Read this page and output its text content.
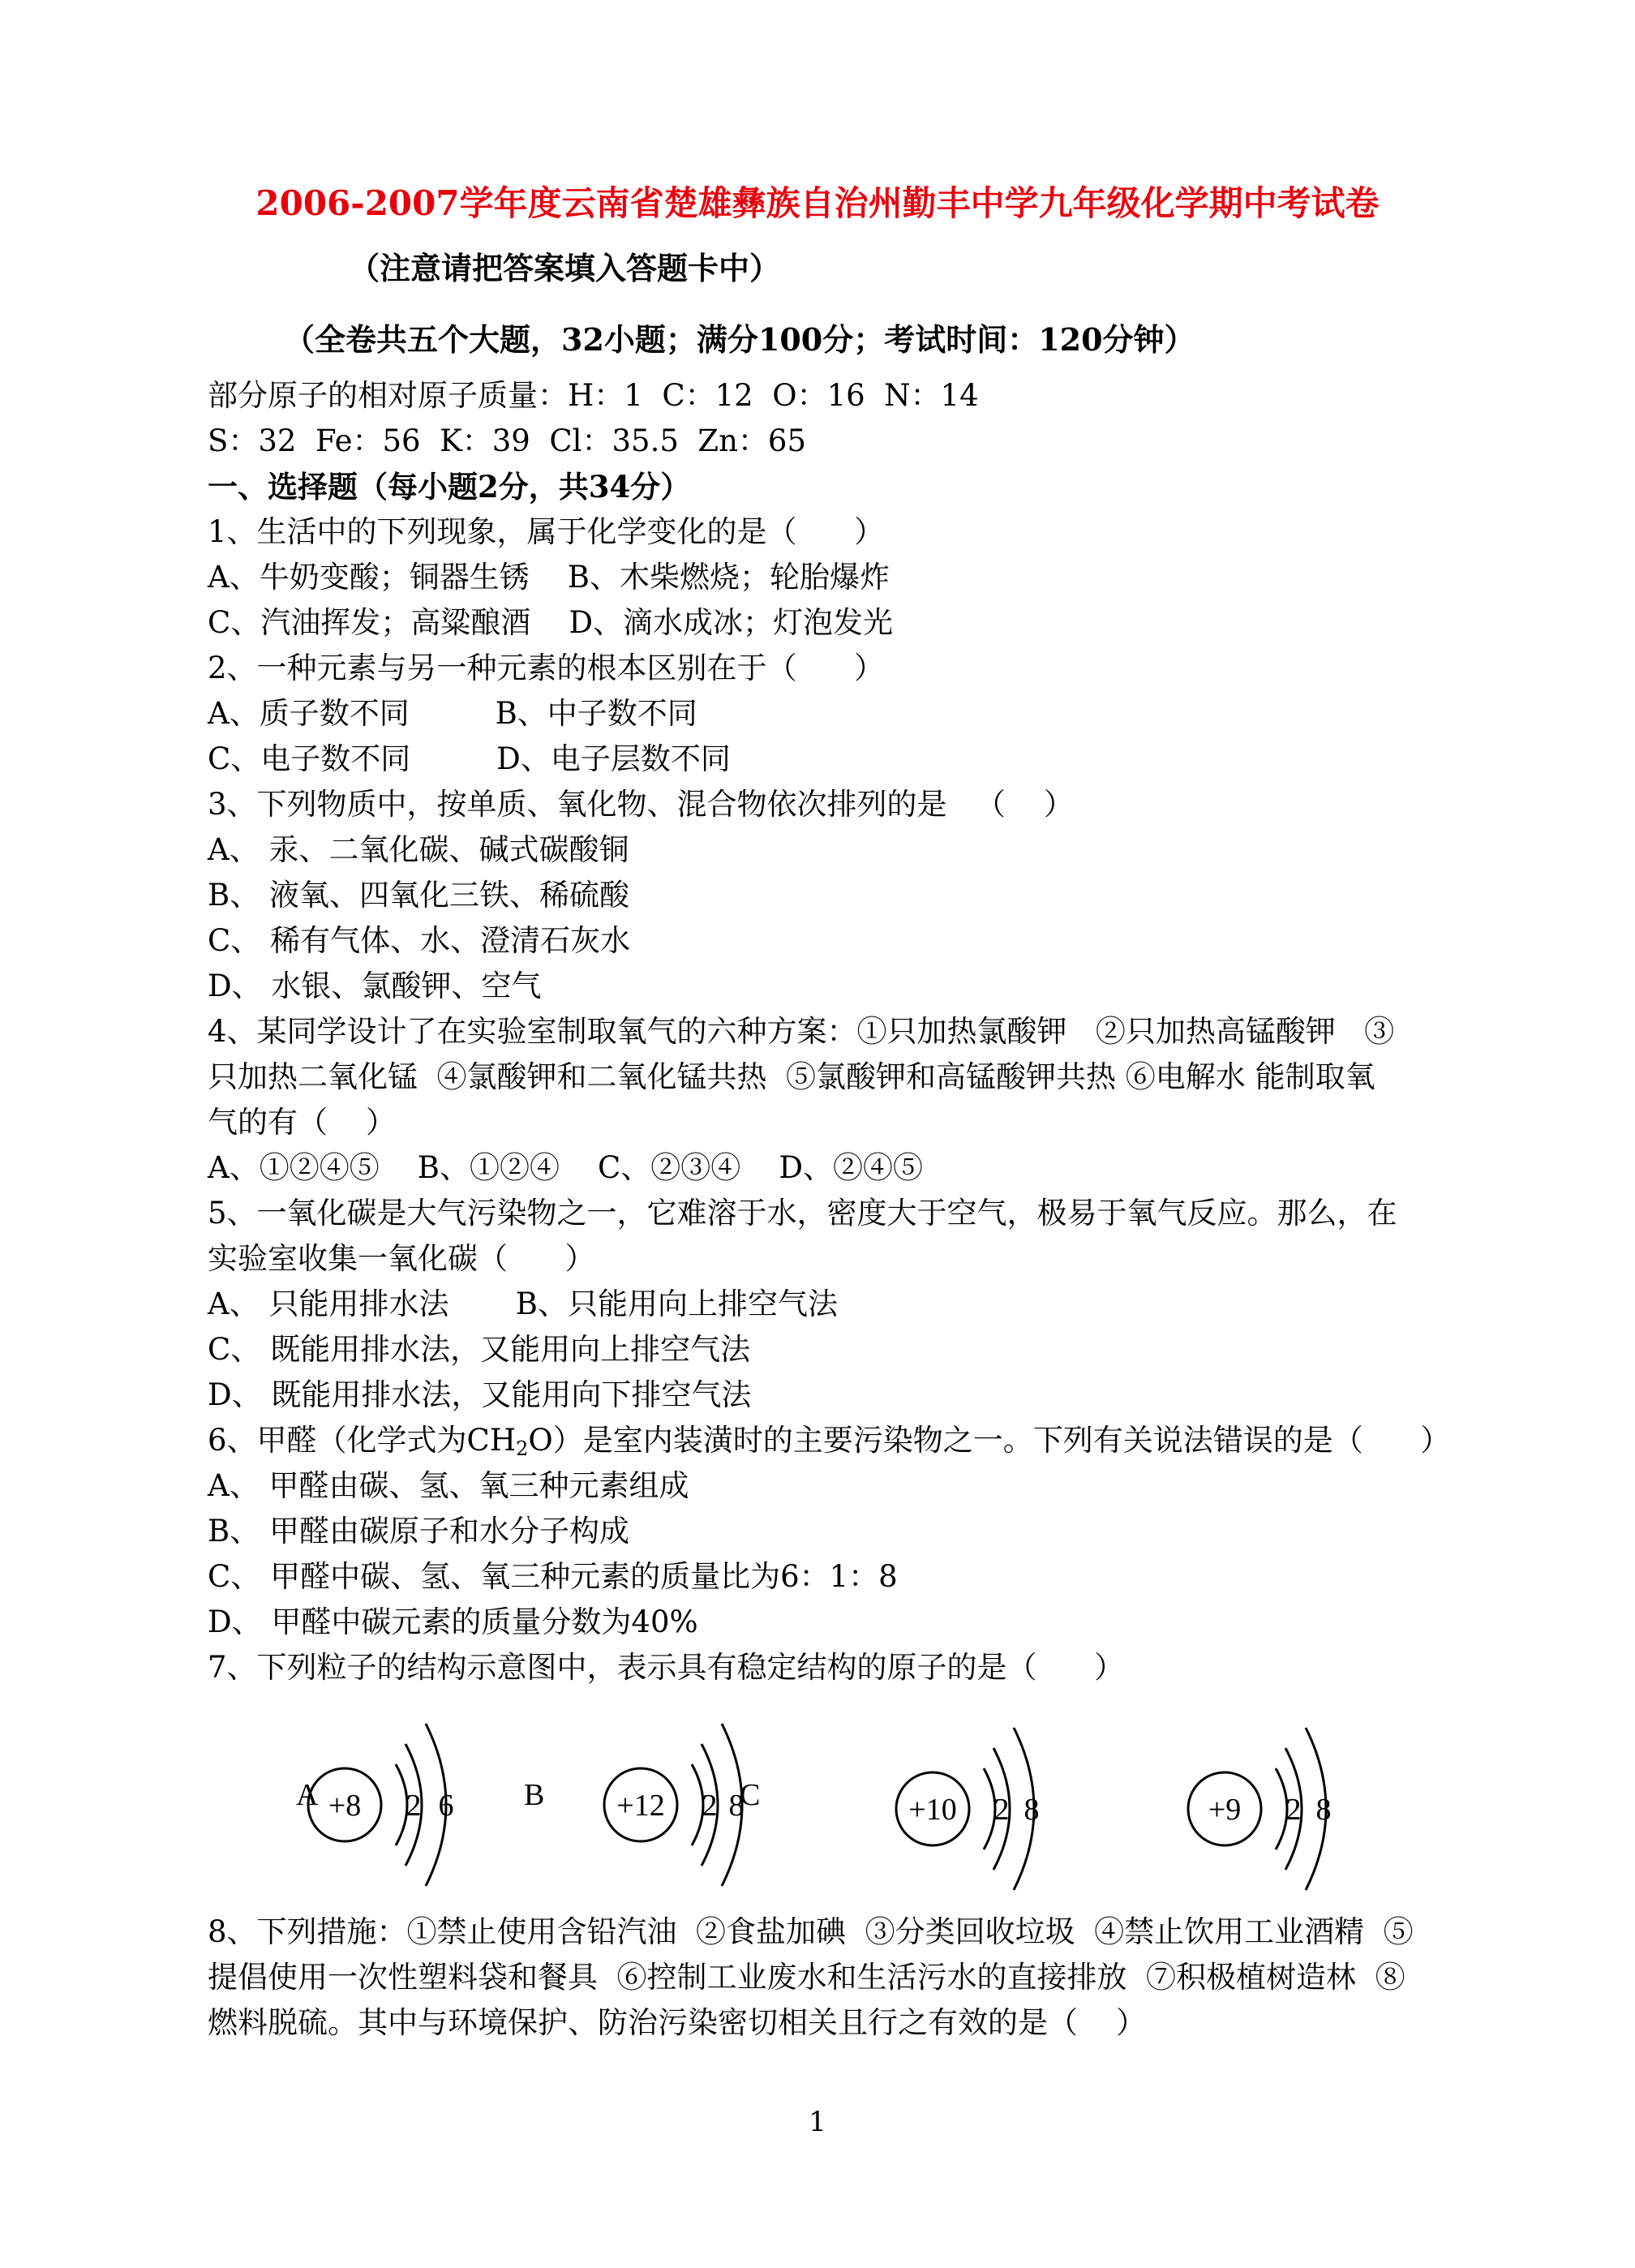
2006-2007学年度云南省楚雄彝族自治州勤丰中学九年级化学期中考试卷
（注意请把答案填入答题卡中）
（全卷共五个大题，32小题；满分100分；考试时间：120分钟）
部分原子的相对原子质量：H：1  C：12  O：16  N：14
S：32  Fe：56  K：39  Cl：35.5  Zn：65
一、选择题（每小题2分，共34分）
1、生活中的下列现象，属于化学变化的是（      ）
A、牛奶变酸；铜器生锈    B、木柴燃烧；轮胎爆炸
C、汽油挥发；高粱酿酒    D、滴水成冰；灯泡发光
2、一种元素与另一种元素的根本区别在于（      ）
A、质子数不同         B、中子数不同
C、电子数不同         D、电子层数不同
3、下列物质中，按单质、氧化物、混合物依次排列的是   （    ）
A、 汞、二氧化碳、碱式碳酸铜
B、 液氧、四氧化三铁、稀硫酸
C、 稀有气体、水、澄清石灰水
D、 水银、氯酸钾、空气
4、某同学设计了在实验室制取氧气的六种方案：①只加热氯酸钾   ②只加热高锰酸钾   ③
只加热二氧化锰  ④氯酸钾和二氧化锰共热  ⑤氯酸钾和高锰酸钾共热 ⑥电解水 能制取氧
气的有（    ）
A、①②④⑤    B、①②④    C、②③④    D、②④⑤
5、一氧化碳是大气污染物之一，它难溶于水，密度大于空气，极易于氧气反应。那么，在
实验室收集一氧化碳（      ）
A、 只能用排水法       B、只能用向上排空气法
C、 既能用排水法，又能用向上排空气法
D、 既能用排水法，又能用向下排空气法
6、甲醛（化学式为$CH_2O$）是室内装潢时的主要污染物之一。下列有关说法错误的是（      ）
A、 甲醛由碳、氢、氧三种元素组成
B、 甲醛由碳原子和水分子构成
C、 甲醛中碳、氢、氧三种元素的质量比为6：1：8
D、 甲醛中碳元素的质量分数为40%
7、下列粒子的结构示意图中，表示具有稳定结构的原子的是（      ）
A	B	C
+8 2 6	+12 2 8	+10 2 8	+9 2 8
8、下列措施：①禁止使用含铅汽油  ②食盐加碘  ③分类回收垃圾  ④禁止饮用工业酒精  ⑤
提倡使用一次性塑料袋和餐具  ⑥控制工业废水和生活污水的直接排放  ⑦积极植树造林  ⑧
燃料脱硫。其中与环境保护、防治污染密切相关且行之有效的是（    ）
1
